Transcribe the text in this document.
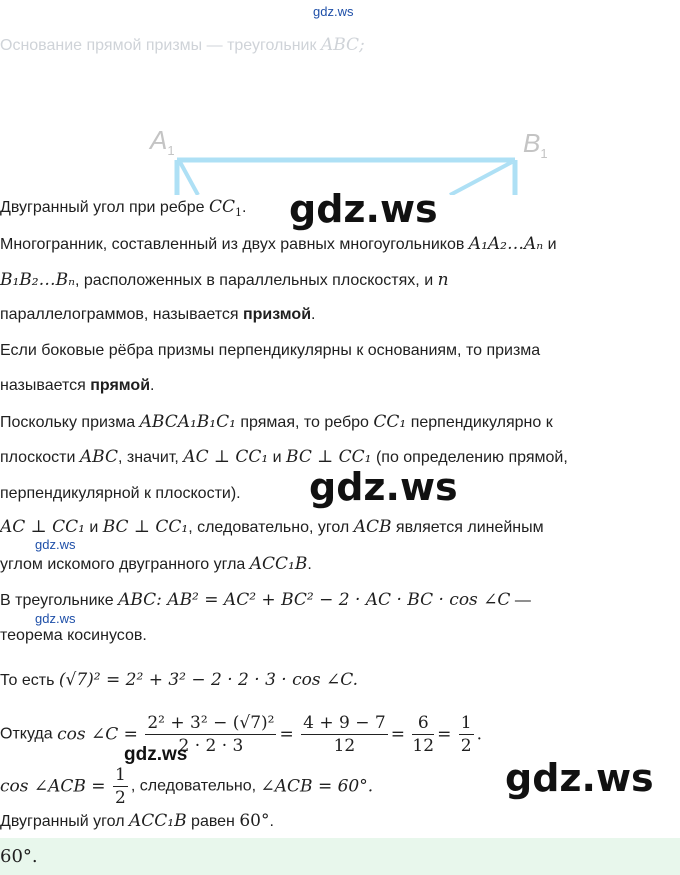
gdz.ws
Основание прямой призмы — треугольник ABC;
$A_1$	$B_1$
Двугранный угол при ребре $CC_1$. gdz.ws
Многогранник, составленный из двух равных многоугольников A₁A₂…Aₙ и
B₁B₂…Bₙ, расположенных в параллельных плоскостях, и n
параллелограммов, называется призмой.
Если боковые рёбра призмы перпендикулярны к основаниям, то призма
называется прямой.
Поскольку призма ABCA₁B₁C₁ прямая, то ребро CC₁ перпендикулярно к
плоскости ABC, значит, AC ⊥ CC₁ и BC ⊥ CC₁ (по определению прямой,
перпендикулярной к плоскости). gdz.ws
AC ⊥ CC₁ и BC ⊥ CC₁, следовательно, угол ACB является линейным
gdz.ws
углом искомого двугранного угла ACC₁B.
В треугольнике ABC: AB² = AC² + BC² − 2 · AC · BC · cos ∠C —
gdz.ws
теорема косинусов.
То есть (√7)² = 2² + 3² − 2 · 2 · 3 · cos ∠C.
Откуда cos ∠C = $\frac{\text{2² + 3² − (√7)²}}{2 \cdot 2 \cdot 3} = \frac{4 + 9 - 7}{12} = \frac{6}{12} = \frac{1}{2}$ .
gdz.ws
cos ∠ACB = $\frac{1}{2}$ , следовательно, ∠ACB = 60°.	gdz.ws
Двугранный угол ACC₁B равен 60°.
60°.
